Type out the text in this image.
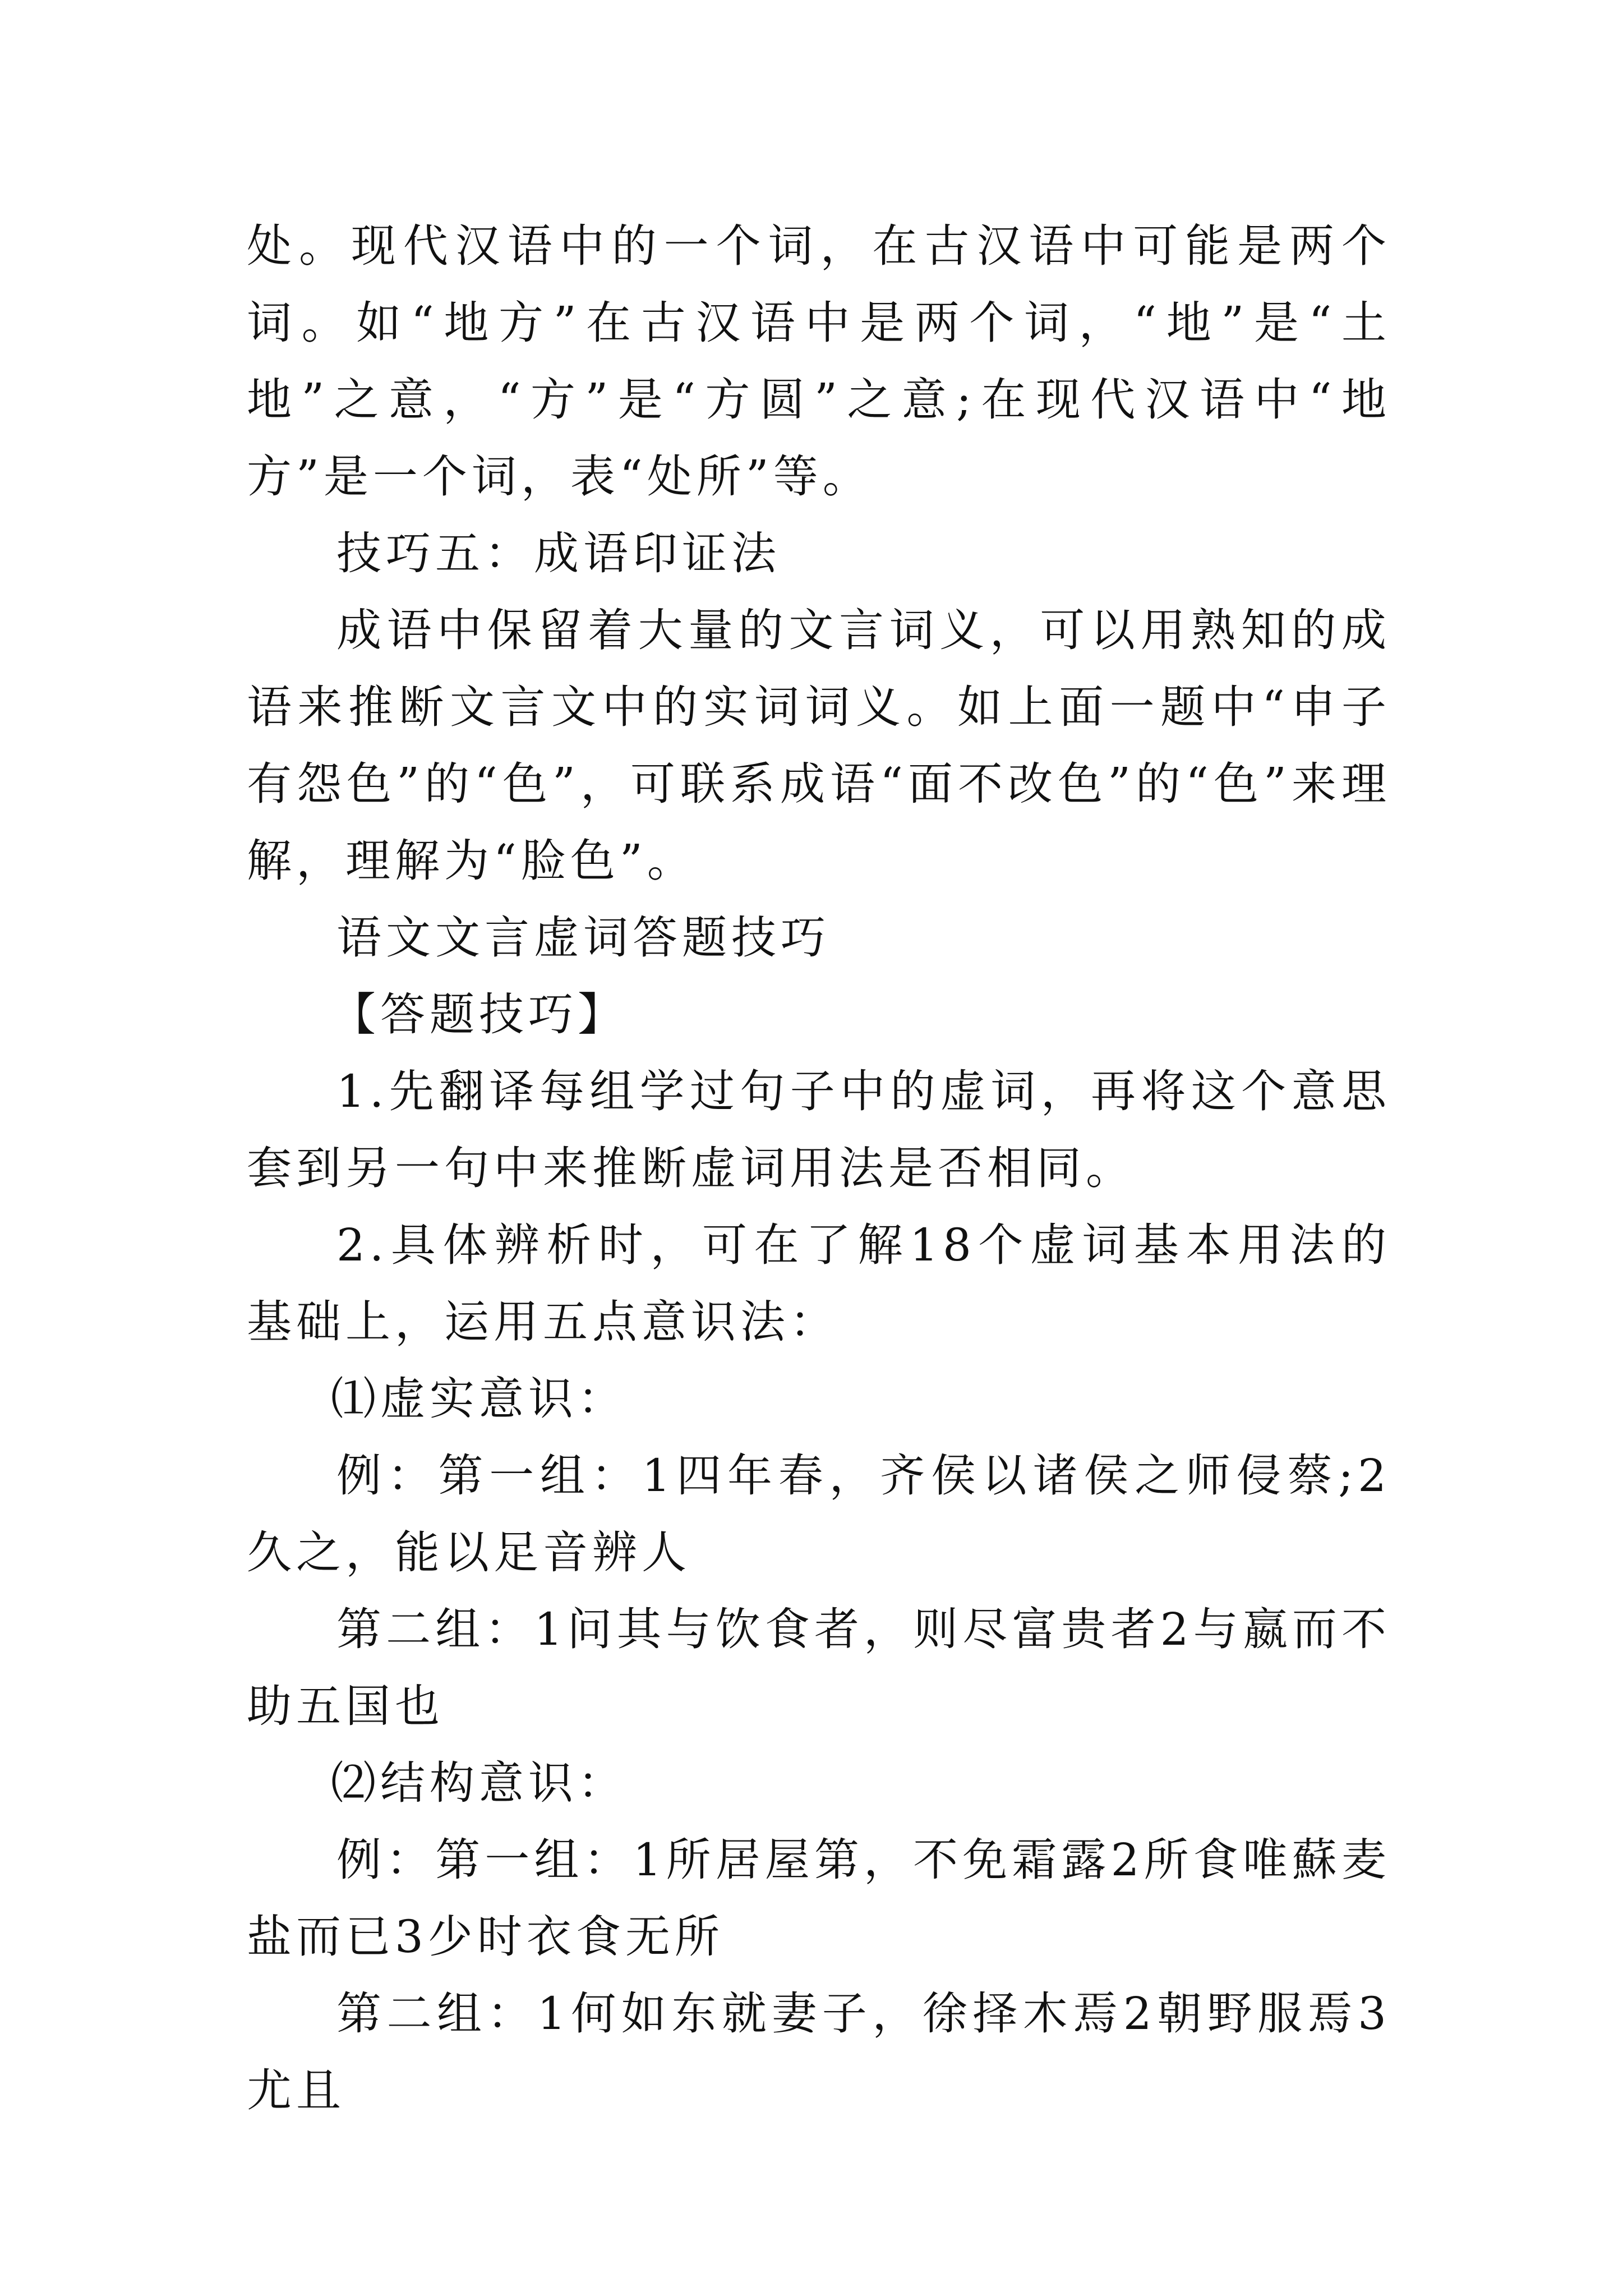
处。现代汉语中的一个词，在古汉语中可能是两个词。如“地方”在古汉语中是两个词，“地”是“土地”之意，“方”是“方圆”之意;在现代汉语中“地方”是一个词，表“处所”等。

技巧五：成语印证法

成语中保留着大量的文言词义，可以用熟知的成语来推断文言文中的实词词义。如上面一题中“申子有怨色”的“色”，可联系成语“面不改色”的“色”来理解，理解为“脸色”。

语文文言虚词答题技巧

【答题技巧】

1.先翻译每组学过句子中的虚词，再将这个意思套到另一句中来推断虚词用法是否相同。

2.具体辨析时，可在了解18个虚词基本用法的基础上，运用五点意识法：

⑴虚实意识：

例：第一组：1四年春，齐侯以诸侯之师侵蔡;2久之，能以足音辨人

第二组：1问其与饮食者，则尽富贵者2与嬴而不助五国也

⑵结构意识：

例：第一组：1所居屋第，不免霜露2所食唯蘇麦盐而已3少时衣食无所

第二组：1何如东就妻子，徐择木焉2朝野服焉3尤且
